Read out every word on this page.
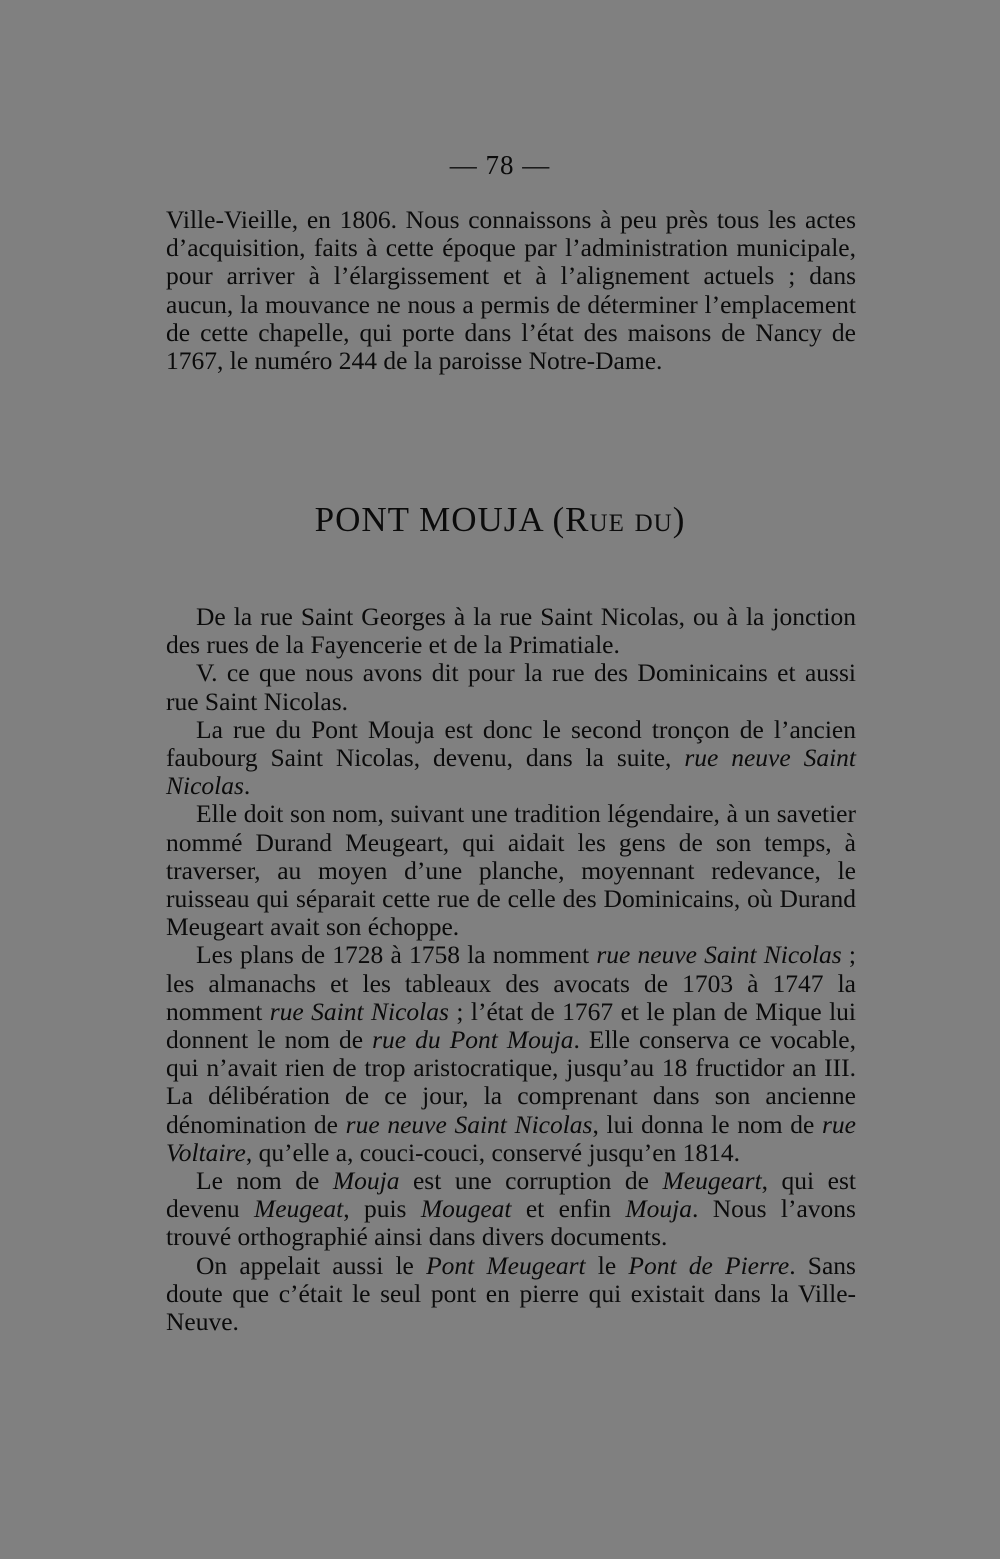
— 78 —

Ville-Vieille, en 1806. Nous connaissons à peu près tous les actes d’acquisition, faits à cette époque par l’administration municipale, pour arriver à l’élargissement et à l’alignement actuels ; dans aucun, la mouvance ne nous a permis de déterminer l’emplacement de cette chapelle, qui porte dans l’état des maisons de Nancy de 1767, le numéro 244 de la paroisse Notre-Dame.

PONT MOUJA (Rue du)

De la rue Saint Georges à la rue Saint Nicolas, ou à la jonction des rues de la Fayencerie et de la Primatiale.

V. ce que nous avons dit pour la rue des Dominicains et aussi rue Saint Nicolas.

La rue du Pont Mouja est donc le second tronçon de l’ancien faubourg Saint Nicolas, devenu, dans la suite, rue neuve Saint Nicolas.

Elle doit son nom, suivant une tradition légendaire, à un savetier nommé Durand Meugeart, qui aidait les gens de son temps, à traverser, au moyen d’une planche, moyennant redevance, le ruisseau qui séparait cette rue de celle des Dominicains, où Durand Meugeart avait son échoppe.

Les plans de 1728 à 1758 la nomment rue neuve Saint Nicolas ; les almanachs et les tableaux des avocats de 1703 à 1747 la nomment rue Saint Nicolas ; l’état de 1767 et le plan de Mique lui donnent le nom de rue du Pont Mouja. Elle conserva ce vocable, qui n’avait rien de trop aristocratique, jusqu’au 18 fructidor an III. La délibération de ce jour, la comprenant dans son ancienne dénomination de rue neuve Saint Nicolas, lui donna le nom de rue Voltaire, qu’elle a, couci-couci, conservé jusqu’en 1814.

Le nom de Mouja est une corruption de Meugeart, qui est devenu Meugeat, puis Mougeat et enfin Mouja. Nous l’avons trouvé orthographié ainsi dans divers documents.

On appelait aussi le Pont Meugeart le Pont de Pierre. Sans doute que c’était le seul pont en pierre qui existait dans la Ville-Neuve.
